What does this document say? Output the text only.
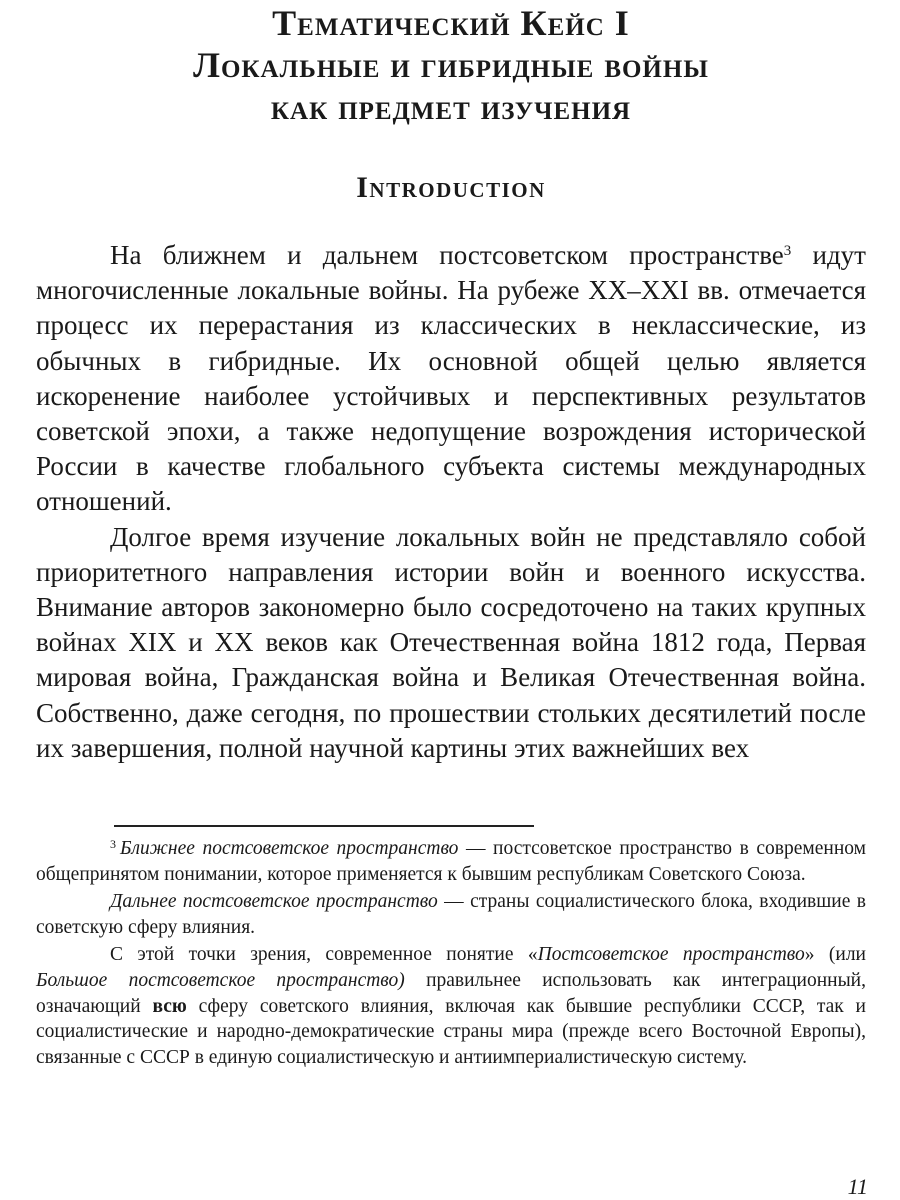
Тематический Кейс I
Локальные и гибридные войны
как предмет изучения
Introduction

На ближнем и дальнем постсоветском пространстве$^3$ идут многочисленные локальные войны. На рубеже XX–XXI вв. отмечается процесс их перерастания из классических в неклассические, из обычных в гибридные. Их основной общей целью является искоренение наиболее устойчивых и перспективных результатов советской эпохи, а также недопущение возрождения исторической России в качестве глобального субъекта системы международных отношений.

Долгое время изучение локальных войн не представляло собой приоритетного направления истории войн и военного искусства. Внимание авторов закономерно было сосредоточено на таких крупных войнах XIX и XX веков как Отечественная война 1812 года, Первая мировая война, Гражданская война и Великая Отечественная война. Собственно, даже сегодня, по прошествии стольких десятилетий после их завершения, полной научной картины этих важнейших вех

$^3$ Ближнее постсоветское пространство — постсоветское пространство в современном общепринятом понимании, которое применяется к бывшим республикам Советского Союза.

Дальнее постсоветское пространство — страны социалистического блока, входившие в советскую сферу влияния.

С этой точки зрения, современное понятие «Постсоветское пространство» (или Большое постсоветское пространство) правильнее использовать как интеграционный, означающий всю сферу советского влияния, включая как бывшие республики СССР, так и социалистические и народно-демократические страны мира (прежде всего Восточной Европы), связанные с СССР в единую социалистическую и антиимпериалистическую систему.

11
